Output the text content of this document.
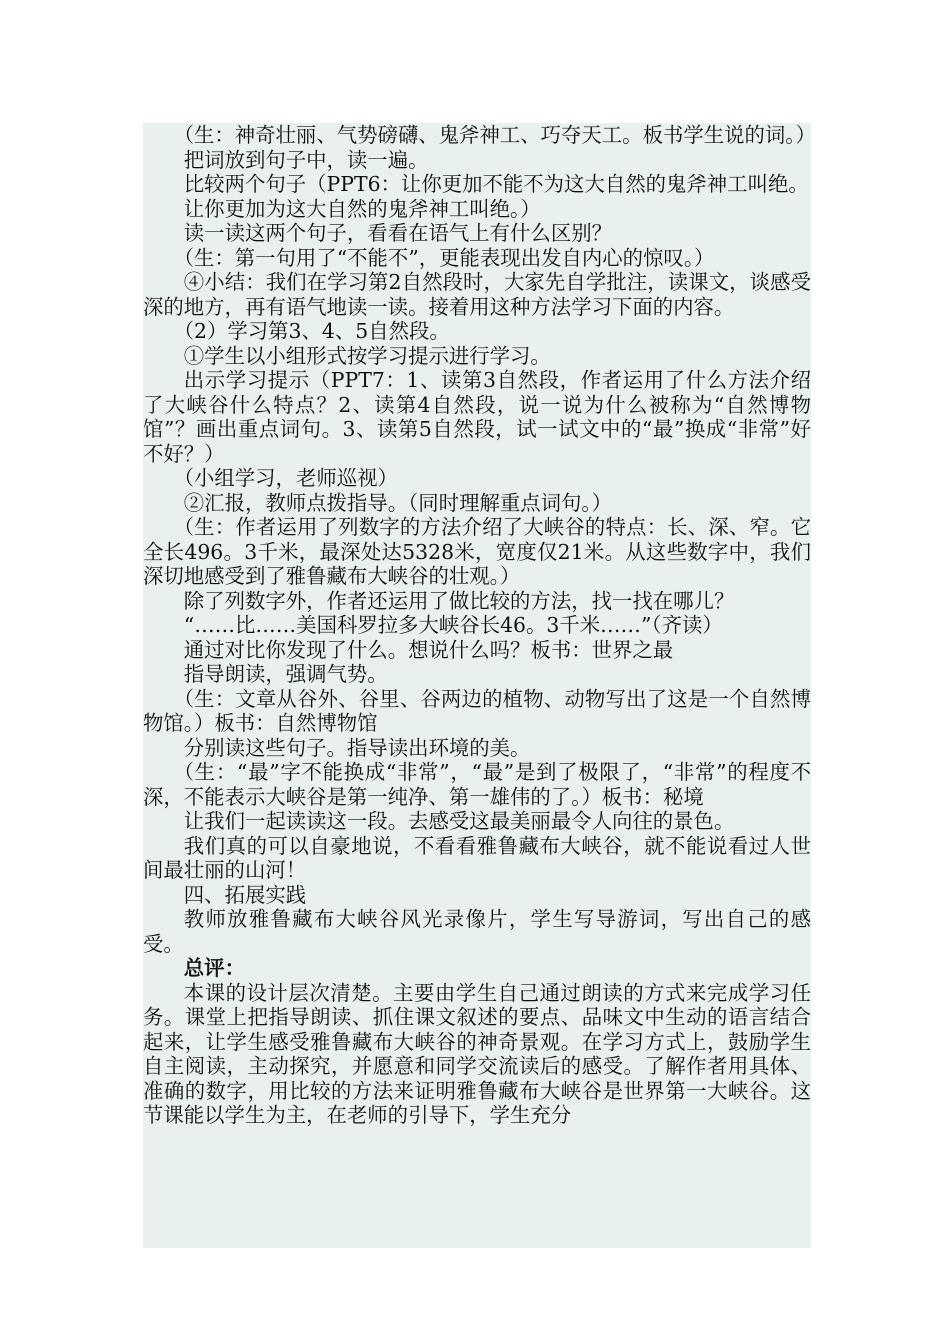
（生：神奇壮丽、气势磅礴、鬼斧神工、巧夺天工。板书学生说的词。）

把词放到句子中，读一遍。

比较两个句子（PPT6：让你更加不能不为这大自然的鬼斧神工叫绝。

让你更加为这大自然的鬼斧神工叫绝。）

读一读这两个句子，看看在语气上有什么区别？

（生：第一句用了“不能不”，更能表现出发自内心的惊叹。）

④小结：我们在学习第2自然段时，大家先自学批注，读课文，谈感受深的地方，再有语气地读一读。接着用这种方法学习下面的内容。

（2）学习第3、4、5自然段。

①学生以小组形式按学习提示进行学习。

出示学习提示（PPT7：1、读第3自然段，作者运用了什么方法介绍了大峡谷什么特点？2、读第4自然段，说一说为什么被称为“自然博物馆”？画出重点词句。3、读第5自然段，试一试文中的“最”换成“非常”好不好？）

（小组学习，老师巡视）

②汇报，教师点拨指导。（同时理解重点词句。）

（生：作者运用了列数字的方法介绍了大峡谷的特点：长、深、窄。它全长496。3千米，最深处达5328米，宽度仅21米。从这些数字中，我们深切地感受到了雅鲁藏布大峡谷的壮观。）

除了列数字外，作者还运用了做比较的方法，找一找在哪儿？

“……比……美国科罗拉多大峡谷长46。3千米……”（齐读）

通过对比你发现了什么。想说什么吗？板书：世界之最

指导朗读，强调气势。

（生：文章从谷外、谷里、谷两边的植物、动物写出了这是一个自然博物馆。）板书：自然博物馆

分别读这些句子。指导读出环境的美。

（生：“最”字不能换成“非常”，“最”是到了极限了，“非常”的程度不深，不能表示大峡谷是第一纯净、第一雄伟的了。）板书：秘境

让我们一起读读这一段。去感受这最美丽最令人向往的景色。

我们真的可以自豪地说，不看看雅鲁藏布大峡谷，就不能说看过人世间最壮丽的山河！

四、拓展实践

教师放雅鲁藏布大峡谷风光录像片，学生写导游词，写出自己的感受。

总评：

本课的设计层次清楚。主要由学生自己通过朗读的方式来完成学习任务。课堂上把指导朗读、抓住课文叙述的要点、品味文中生动的语言结合起来，让学生感受雅鲁藏布大峡谷的神奇景观。在学习方式上，鼓励学生自主阅读，主动探究，并愿意和同学交流读后的感受。了解作者用具体、准确的数字，用比较的方法来证明雅鲁藏布大峡谷是世界第一大峡谷。这节课能以学生为主，在老师的引导下，学生充分
